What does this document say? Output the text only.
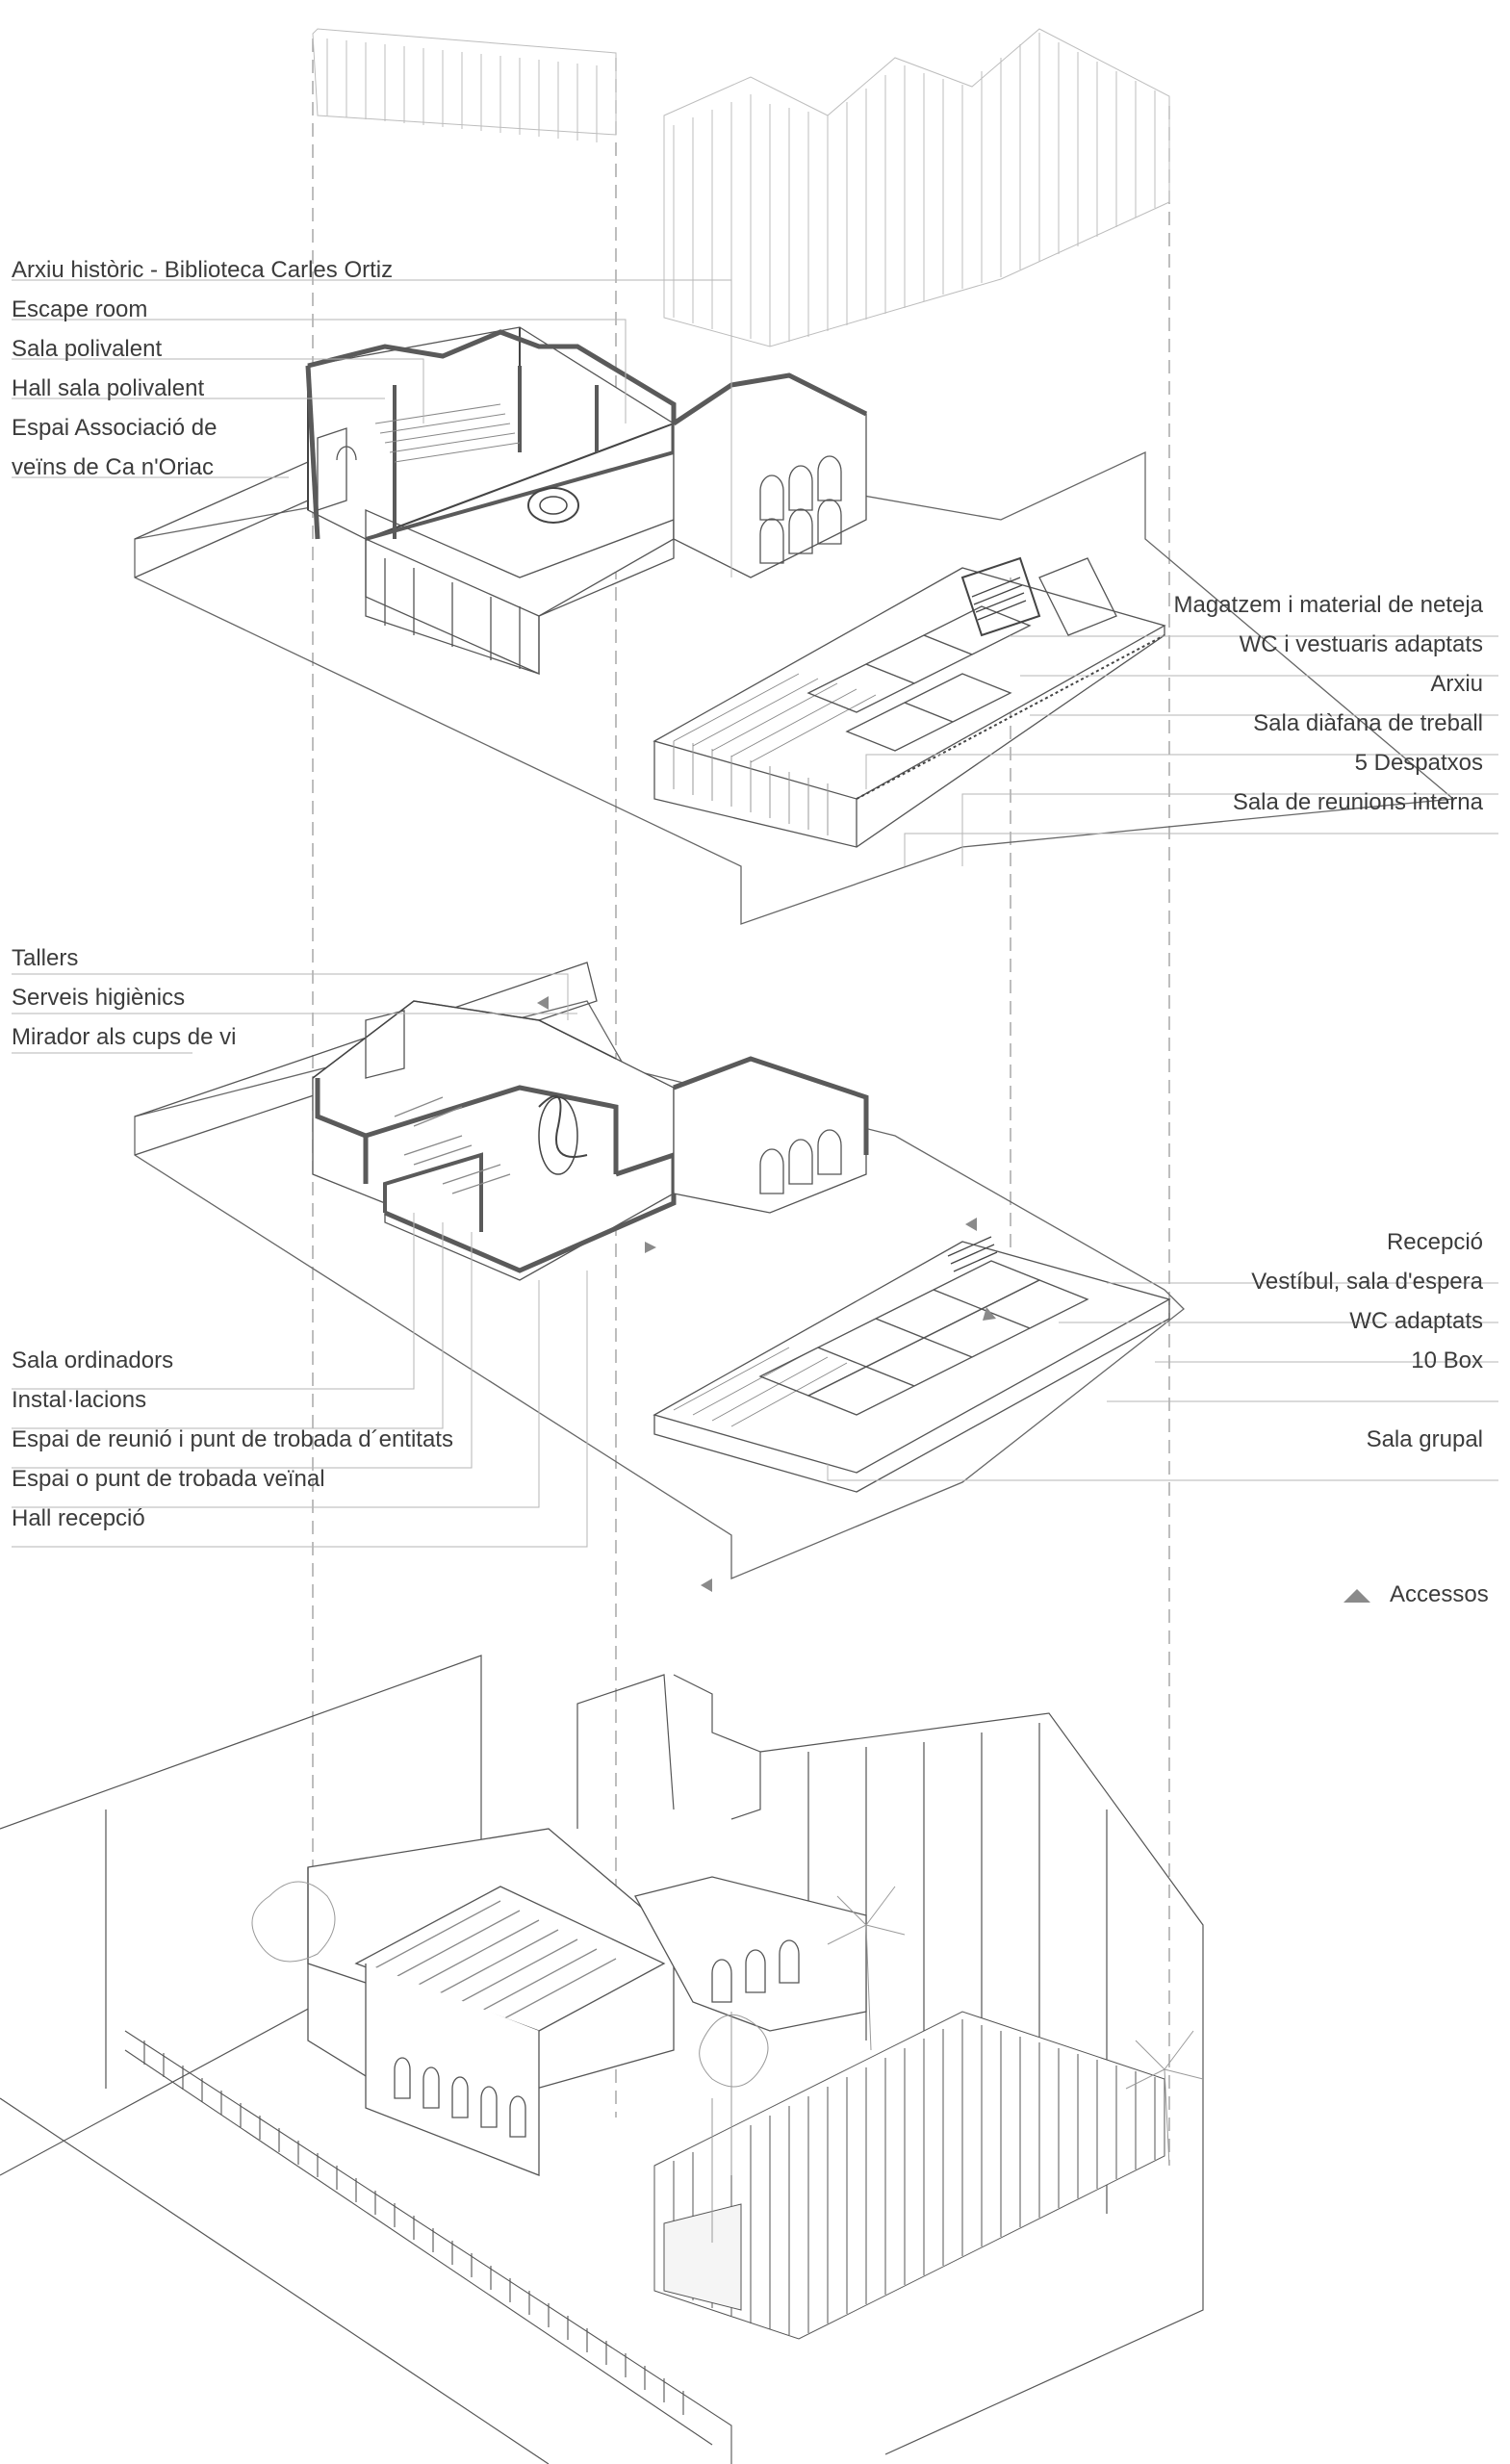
Arxiu històric - Biblioteca Carles Ortiz
Escape room
Sala polivalent
Hall sala polivalent
Espai Associació de
veïns de Ca n'Oriac
Magatzem i material de neteja
WC i vestuaris adaptats
Arxiu
Sala diàfana de treball
5 Despatxos
Sala de reunions interna
Tallers
Serveis higiènics
Mirador als cups de vi
Sala ordinadors
Instal·lacions
Espai de reunió i punt de trobada d´entitats
Espai o punt de trobada veïnal
Hall recepció
Recepció
Vestíbul, sala d'espera
WC adaptats
10 Box
Sala grupal
Accessos
